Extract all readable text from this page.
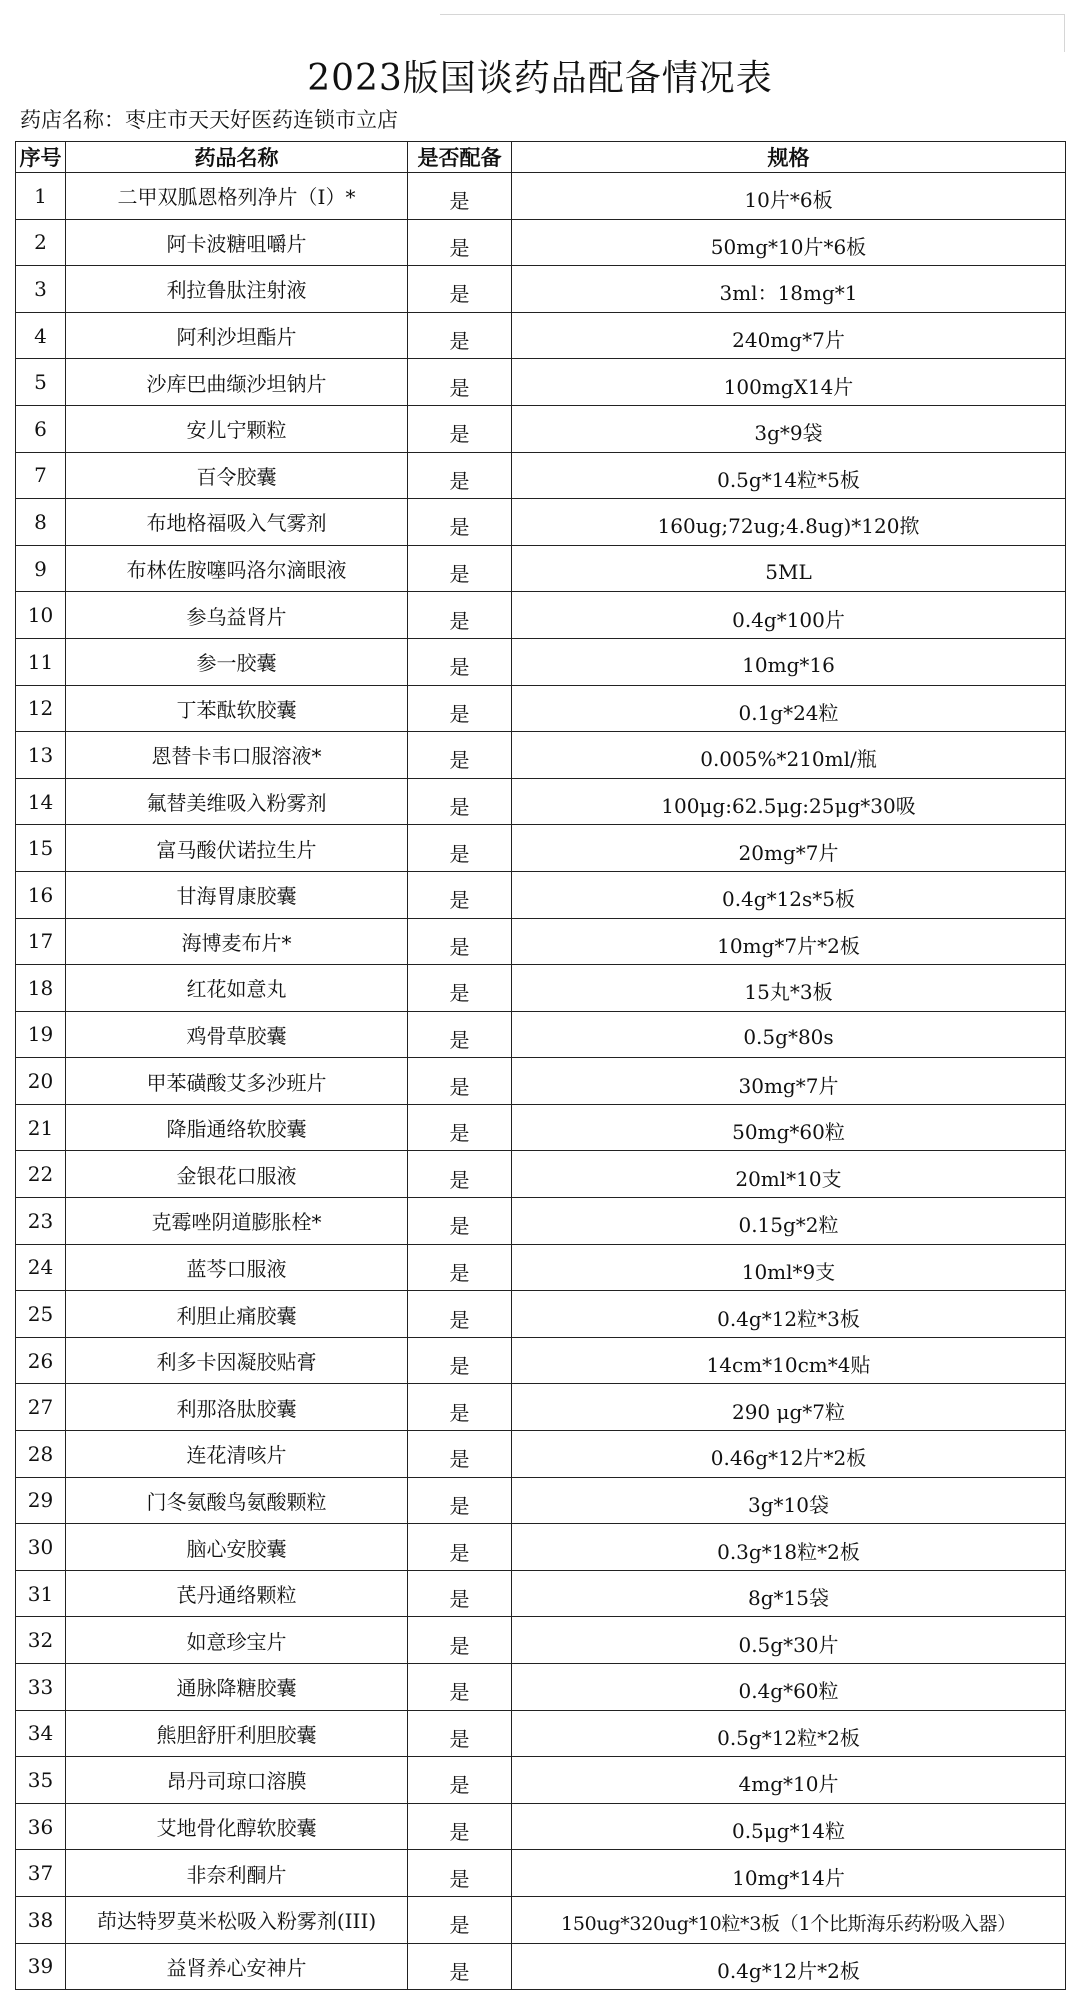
2023版国谈药品配备情况表
药店名称：枣庄市天天好医药连锁市立店
序号	药品名称	是否配备	规格
1	二甲双胍恩格列净片（Ⅰ）*	是	10片*6板
2	阿卡波糖咀嚼片	是	50mg*10片*6板
3	利拉鲁肽注射液	是	3ml：18mg*1
4	阿利沙坦酯片	是	240mg*7片
5	沙库巴曲缬沙坦钠片	是	100mgX14片
6	安儿宁颗粒	是	3g*9袋
7	百令胶囊	是	0.5g*14粒*5板
8	布地格福吸入气雾剂	是	160ug;72ug;4.8ug)*120揿
9	布林佐胺噻吗洛尔滴眼液	是	5ML
10	参乌益肾片	是	0.4g*100片
11	参一胶囊	是	10mg*16
12	丁苯酞软胶囊	是	0.1g*24粒
13	恩替卡韦口服溶液*	是	0.005%*210ml/瓶
14	氟替美维吸入粉雾剂	是	100μg:62.5μg:25μg*30吸
15	富马酸伏诺拉生片	是	20mg*7片
16	甘海胃康胶囊	是	0.4g*12s*5板
17	海博麦布片*	是	10mg*7片*2板
18	红花如意丸	是	15丸*3板
19	鸡骨草胶囊	是	0.5g*80s
20	甲苯磺酸艾多沙班片	是	30mg*7片
21	降脂通络软胶囊	是	50mg*60粒
22	金银花口服液	是	20ml*10支
23	克霉唑阴道膨胀栓*	是	0.15g*2粒
24	蓝芩口服液	是	10ml*9支
25	利胆止痛胶囊	是	0.4g*12粒*3板
26	利多卡因凝胶贴膏	是	14cm*10cm*4贴
27	利那洛肽胶囊	是	290 μg*7粒
28	连花清咳片	是	0.46g*12片*2板
29	门冬氨酸鸟氨酸颗粒	是	3g*10袋
30	脑心安胶囊	是	0.3g*18粒*2板
31	芪丹通络颗粒	是	8g*15袋
32	如意珍宝片	是	0.5g*30片
33	通脉降糖胶囊	是	0.4g*60粒
34	熊胆舒肝利胆胶囊	是	0.5g*12粒*2板
35	昂丹司琼口溶膜	是	4mg*10片
36	艾地骨化醇软胶囊	是	0.5μg*14粒
37	非奈利酮片	是	10mg*14片
38	茚达特罗莫米松吸入粉雾剂(III)	是	150ug*320ug*10粒*3板（1个比斯海乐药粉吸入器）
39	益肾养心安神片	是	0.4g*12片*2板
